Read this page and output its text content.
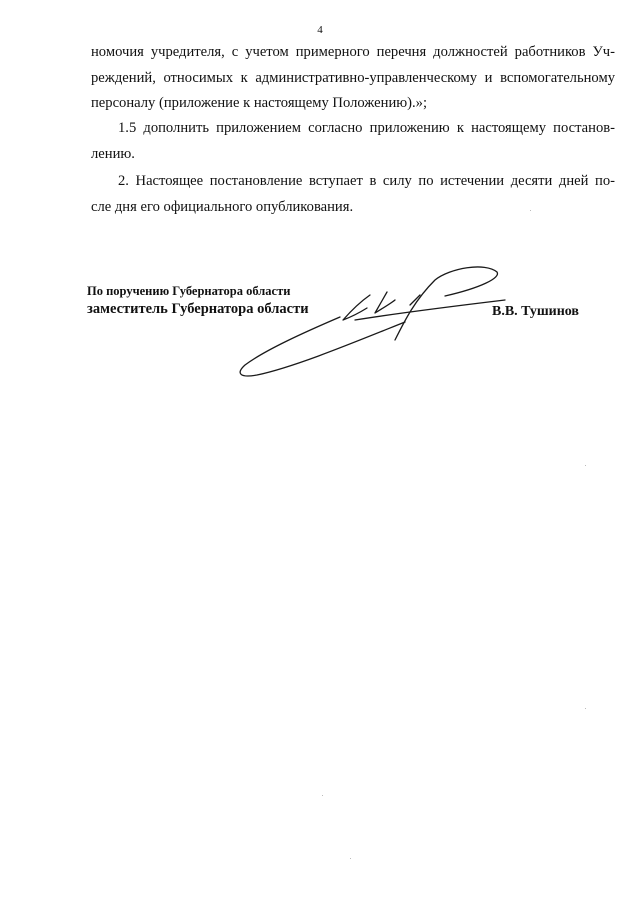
4
номочия учредителя, с учетом примерного перечня должностей работников Уч-
реждений, относимых к административно-управленческому и вспомогательному
персоналу (приложение к настоящему Положению).»;
1.5 дополнить приложением согласно приложению к настоящему постанов-
лению.
2. Настоящее постановление вступает в силу по истечении десяти дней по-
сле дня его официального опубликования.
По поручению Губернатора области
заместитель Губернатора области	В.В. Тушинов
